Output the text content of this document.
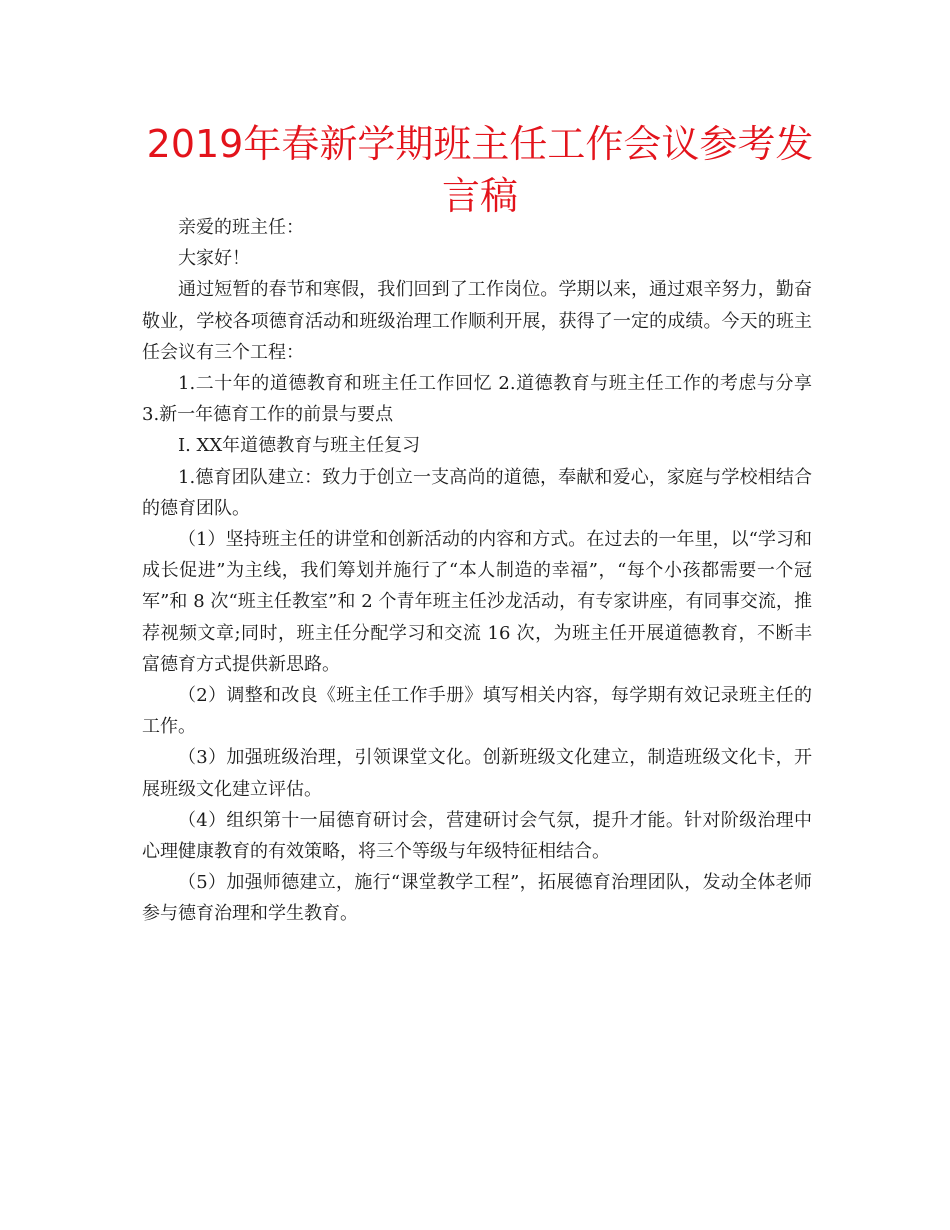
2019年春新学期班主任工作会议参考发言稿

亲爱的班主任：

大家好！

通过短暂的春节和寒假，我们回到了工作岗位。学期以来，通过艰辛努力，勤奋敬业，学校各项德育活动和班级治理工作顺利开展，获得了一定的成绩。今天的班主任会议有三个工程：

1.二十年的道德教育和班主任工作回忆 2.道德教育与班主任工作的考虑与分享 3.新一年德育工作的前景与要点

I. XX年道德教育与班主任复习

1.德育团队建立：致力于创立一支高尚的道德，奉献和爱心，家庭与学校相结合的德育团队。

（1）坚持班主任的讲堂和创新活动的内容和方式。在过去的一年里，以“学习和成长促进”为主线，我们筹划并施行了“本人制造的幸福”，“每个小孩都需要一个冠军”和 8 次“班主任教室”和 2 个青年班主任沙龙活动，有专家讲座，有同事交流，推荐视频文章;同时，班主任分配学习和交流 16 次，为班主任开展道德教育，不断丰富德育方式提供新思路。

（2）调整和改良《班主任工作手册》填写相关内容，每学期有效记录班主任的工作。

（3）加强班级治理，引领课堂文化。创新班级文化建立，制造班级文化卡，开展班级文化建立评估。

（4）组织第十一届德育研讨会，营建研讨会气氛，提升才能。针对阶级治理中心理健康教育的有效策略，将三个等级与年级特征相结合。

（5）加强师德建立，施行“课堂教学工程”，拓展德育治理团队，发动全体老师参与德育治理和学生教育。
